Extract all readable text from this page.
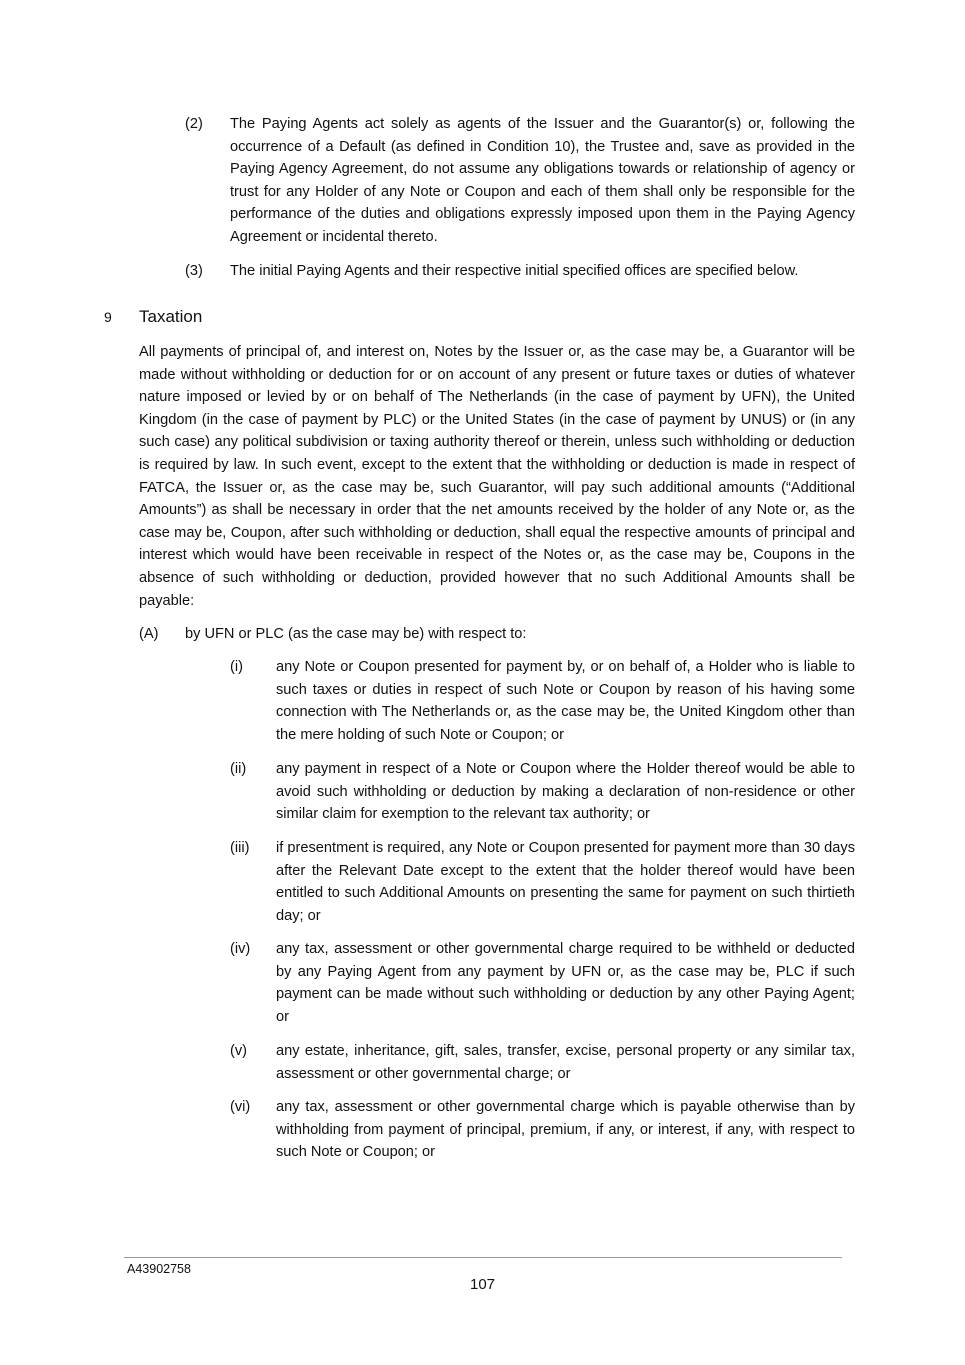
(2) The Paying Agents act solely as agents of the Issuer and the Guarantor(s) or, following the occurrence of a Default (as defined in Condition 10), the Trustee and, save as provided in the Paying Agency Agreement, do not assume any obligations towards or relationship of agency or trust for any Holder of any Note or Coupon and each of them shall only be responsible for the performance of the duties and obligations expressly imposed upon them in the Paying Agency Agreement or incidental thereto.

(3) The initial Paying Agents and their respective initial specified offices are specified below.

9 Taxation

All payments of principal of, and interest on, Notes by the Issuer or, as the case may be, a Guarantor will be made without withholding or deduction for or on account of any present or future taxes or duties of whatever nature imposed or levied by or on behalf of The Netherlands (in the case of payment by UFN), the United Kingdom (in the case of payment by PLC) or the United States (in the case of payment by UNUS) or (in any such case) any political subdivision or taxing authority thereof or therein, unless such withholding or deduction is required by law. In such event, except to the extent that the withholding or deduction is made in respect of FATCA, the Issuer or, as the case may be, such Guarantor, will pay such additional amounts (“Additional Amounts”) as shall be necessary in order that the net amounts received by the holder of any Note or, as the case may be, Coupon, after such withholding or deduction, shall equal the respective amounts of principal and interest which would have been receivable in respect of the Notes or, as the case may be, Coupons in the absence of such withholding or deduction, provided however that no such Additional Amounts shall be payable:

(A) by UFN or PLC (as the case may be) with respect to:

(i) any Note or Coupon presented for payment by, or on behalf of, a Holder who is liable to such taxes or duties in respect of such Note or Coupon by reason of his having some connection with The Netherlands or, as the case may be, the United Kingdom other than the mere holding of such Note or Coupon; or

(ii) any payment in respect of a Note or Coupon where the Holder thereof would be able to avoid such withholding or deduction by making a declaration of non-residence or other similar claim for exemption to the relevant tax authority; or

(iii) if presentment is required, any Note or Coupon presented for payment more than 30 days after the Relevant Date except to the extent that the holder thereof would have been entitled to such Additional Amounts on presenting the same for payment on such thirtieth day; or

(iv) any tax, assessment or other governmental charge required to be withheld or deducted by any Paying Agent from any payment by UFN or, as the case may be, PLC if such payment can be made without such withholding or deduction by any other Paying Agent; or

(v) any estate, inheritance, gift, sales, transfer, excise, personal property or any similar tax, assessment or other governmental charge; or

(vi) any tax, assessment or other governmental charge which is payable otherwise than by withholding from payment of principal, premium, if any, or interest, if any, with respect to such Note or Coupon; or

A43902758
107
